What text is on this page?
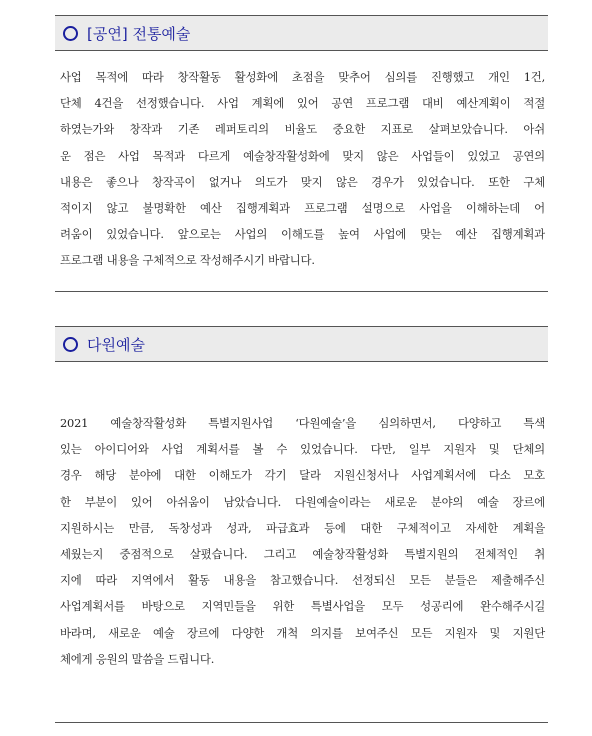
[공연] 전통예술
사업 목적에 따라 창작활동 활성화에 초점을 맞추어 심의를 진행했고 개인 1건,
단체 4건을 선정했습니다. 사업 계획에 있어 공연 프로그램 대비 예산계획이 적절
하였는가와 창작과 기존 레퍼토리의 비율도 중요한 지표로 살펴보았습니다. 아쉬
운 점은 사업 목적과 다르게 예술창작활성화에 맞지 않은 사업들이 있었고 공연의
내용은 좋으나 창작곡이 없거나 의도가 맞지 않은 경우가 있었습니다. 또한 구체
적이지 않고 불명확한 예산 집행계획과 프로그램 설명으로 사업을 이해하는데 어
려움이 있었습니다. 앞으로는 사업의 이해도를 높여 사업에 맞는 예산 집행계획과
프로그램 내용을 구체적으로 작성해주시기 바랍니다.
다원예술
2021 예술창작활성화 특별지원사업 ‘다원예술’을 심의하면서, 다양하고 특색
있는 아이디어와 사업 계획서를 볼 수 있었습니다. 다만, 일부 지원자 및 단체의
경우 해당 분야에 대한 이해도가 각기 달라 지원신청서나 사업계획서에 다소 모호
한 부분이 있어 아쉬움이 남았습니다. 다원예술이라는 새로운 분야의 예술 장르에
지원하시는 만큼, 독창성과 성과, 파급효과 등에 대한 구체적이고 자세한 계획을
세웠는지 중점적으로 살폈습니다. 그리고 예술창작활성화 특별지원의 전체적인 취
지에 따라 지역에서 활동 내용을 참고했습니다. 선정되신 모든 분들은 제출해주신
사업계획서를 바탕으로 지역민들을 위한 특별사업을 모두 성공리에 완수해주시길
바라며, 새로운 예술 장르에 다양한 개척 의지를 보여주신 모든 지원자 및 지원단
체에게 응원의 말씀을 드립니다.
